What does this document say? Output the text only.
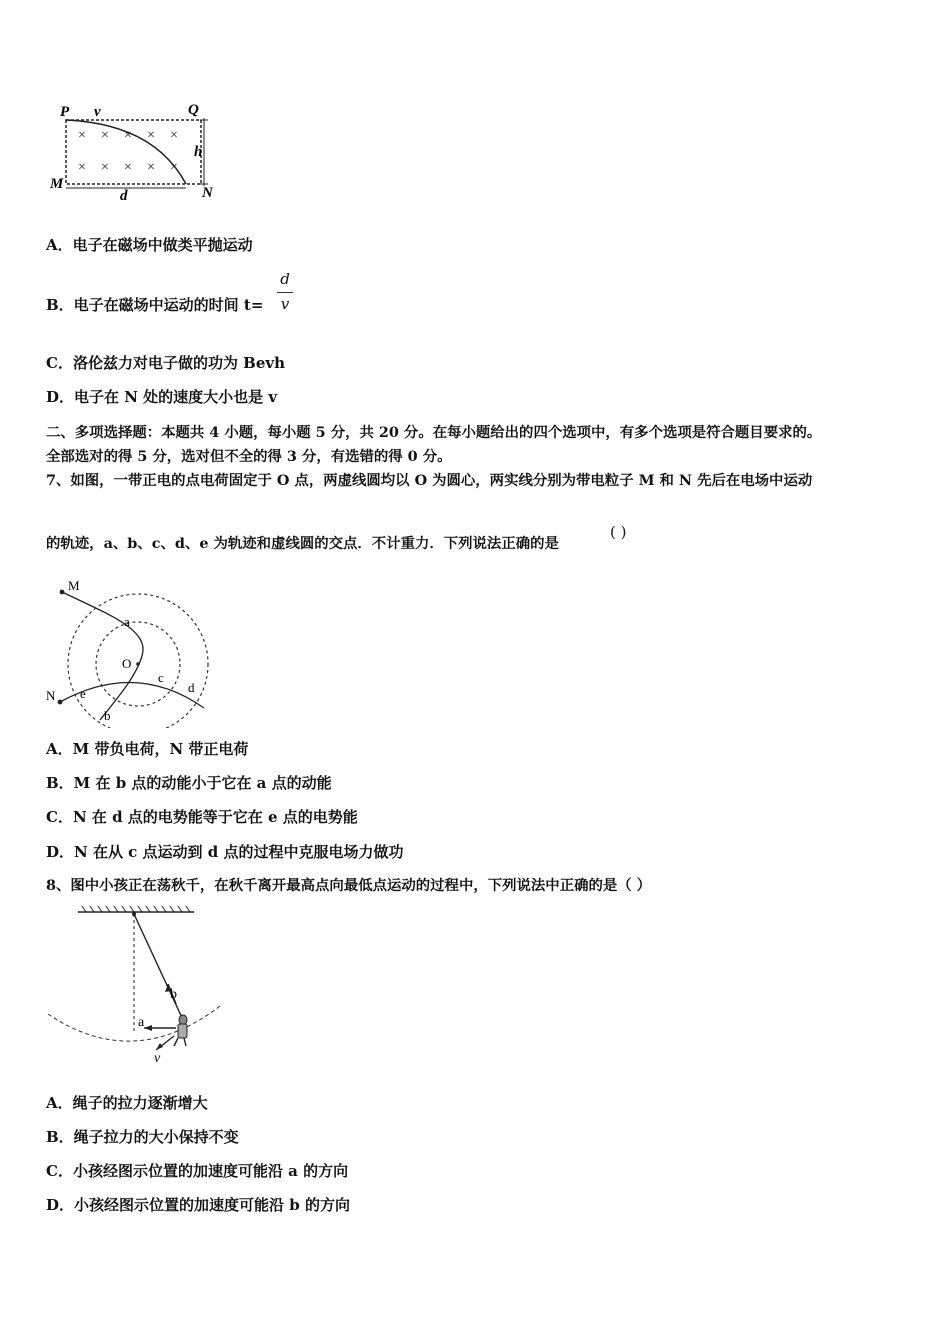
P v	Q
h
M
N
d
× × × × ×
× × × × ×
A．电子在磁场中做类平抛运动
B．电子在磁场中运动的时间 t=
d
v
C．洛伦兹力对电子做的功为 Bevh
D．电子在 N 处的速度大小也是 v
二、多项选择题：本题共 4 小题，每小题 5 分，共 20 分。在每小题给出的四个选项中，有多个选项是符合题目要求的。
全部选对的得 5 分，选对但不全的得 3 分，有选错的得 0 分。
7、如图，一带正电的点电荷固定于 O 点，两虚线圆均以 O 为圆心，两实线分别为带电粒子 M 和 N 先后在电场中运动
的轨迹，a、b、c、d、e 为轨迹和虚线圆的交点．不计重力．下列说法正确的是
( )
M
N
O
a
b
c
d
e
A．M 带负电荷，N 带正电荷
B．M 在 b 点的动能小于它在 a 点的动能
C．N 在 d 点的电势能等于它在 e 点的电势能
D．N 在从 c 点运动到 d 点的过程中克服电场力做功
8、图中小孩正在荡秋千，在秋千离开最高点向最低点运动的过程中，下列说法中正确的是（ ）
b
a
v
A．绳子的拉力逐渐增大
B．绳子拉力的大小保持不变
C．小孩经图示位置的加速度可能沿 a 的方向
D．小孩经图示位置的加速度可能沿 b 的方向
